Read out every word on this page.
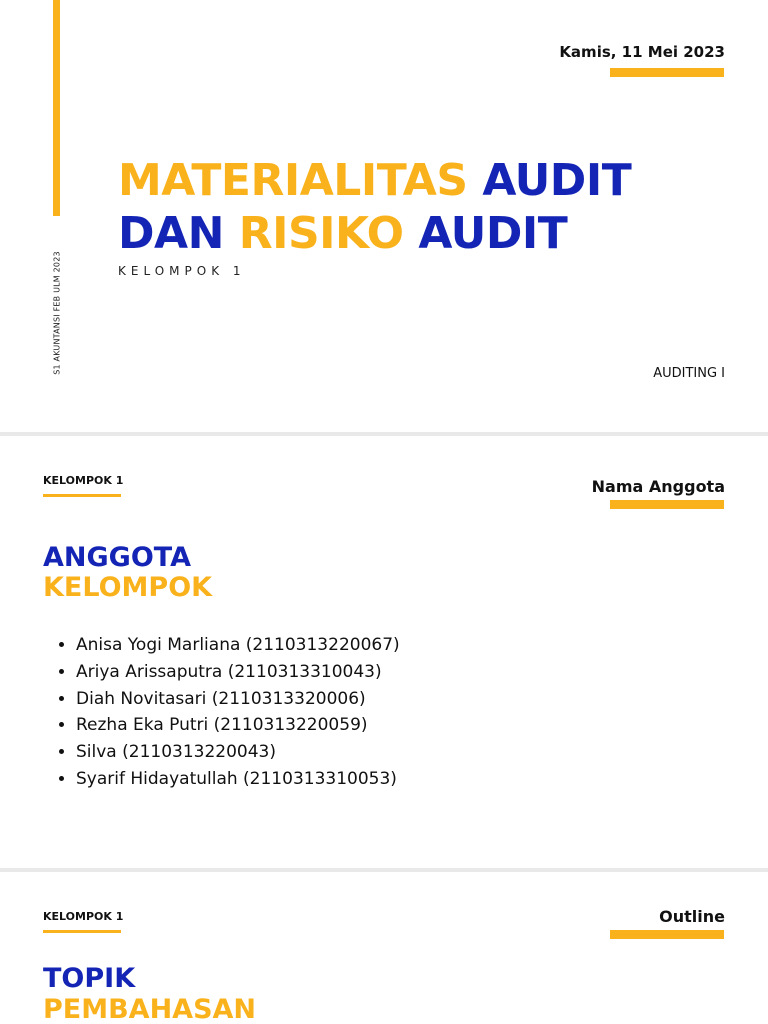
S1 AKUNTANSI FEB ULM 2023
Kamis, 11 Mei 2023
MATERIALITAS AUDIT
DAN RISIKO AUDIT
KELOMPOK 1
AUDITING I
KELOMPOK 1	Nama Anggota
ANGGOTA
KELOMPOK
• Anisa Yogi Marliana (2110313220067)
• Ariya Arissaputra (2110313310043)
• Diah Novitasari (2110313320006)
• Rezha Eka Putri (2110313220059)
• Silva (2110313220043)
• Syarif Hidayatullah (2110313310053)
KELOMPOK 1	Outline
TOPIK
PEMBAHASAN
